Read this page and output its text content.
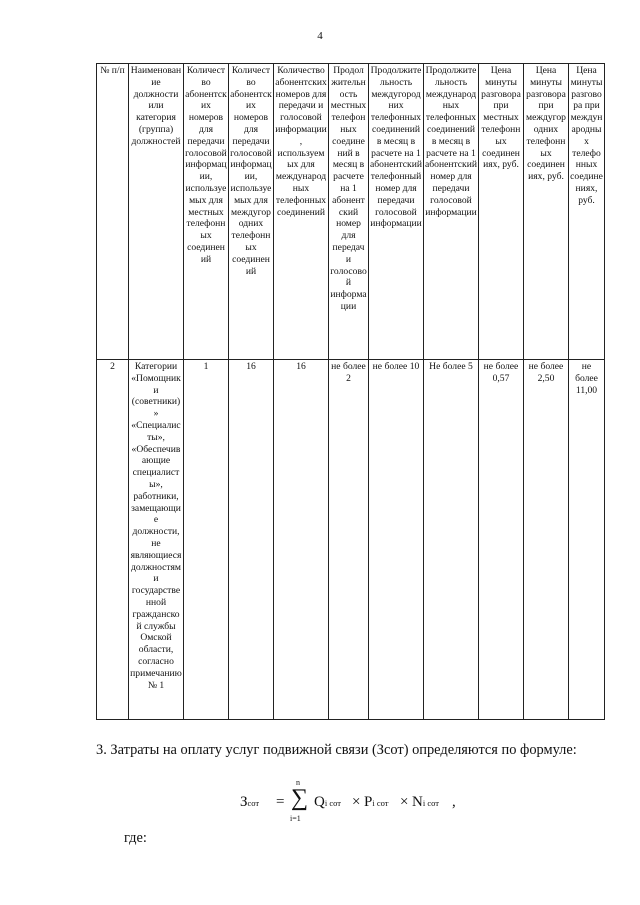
4
№ п/п	Наименование должности или категория (группа) должностей	Количество абонентских номеров для передачи голосовой информации, используемых для местных телефонных соединений	Количество абонентских номеров для передачи голосовой информации, используемых для междугородних телефонных соединений	Количество абонентских номеров для передачи и голосовой информации, используемых для международных телефонных соединений	Продолжительность местных телефонных соединений в месяц в расчете на 1 абонентский номер для передачи голосовой информации	Продолжительность междугородних телефонных соединений в месяц в расчете на 1 абонентский телефонный номер для передачи голосовой информации	Продолжительность международных телефонных соединений в месяц в расчете на 1 абонентский номер для передачи голосовой информации	Цена минуты разговора при местных телефонных соединениях, руб.	Цена минуты разговора при междугородних телефонных соединениях, руб.	Цена минуты разговора при международных телефонных соединениях, руб.
2	Категории «Помощники (советники)» «Специалисты», «Обеспечивающие специалисты», работники, замещающие должности, не являющиеся должностями государственной гражданской службы Омской области, согласно примечанию № 1	1	16	16	не более 2	не более 10	Не более 5	не более 0,57	не более 2,50	не более 11,00
3. Затраты на оплату услуг подвижной связи (Зсот) определяются по формуле:
Зсот =
n
∑
i=1
Qi сот × Pi сот × Ni сот ,
где:
